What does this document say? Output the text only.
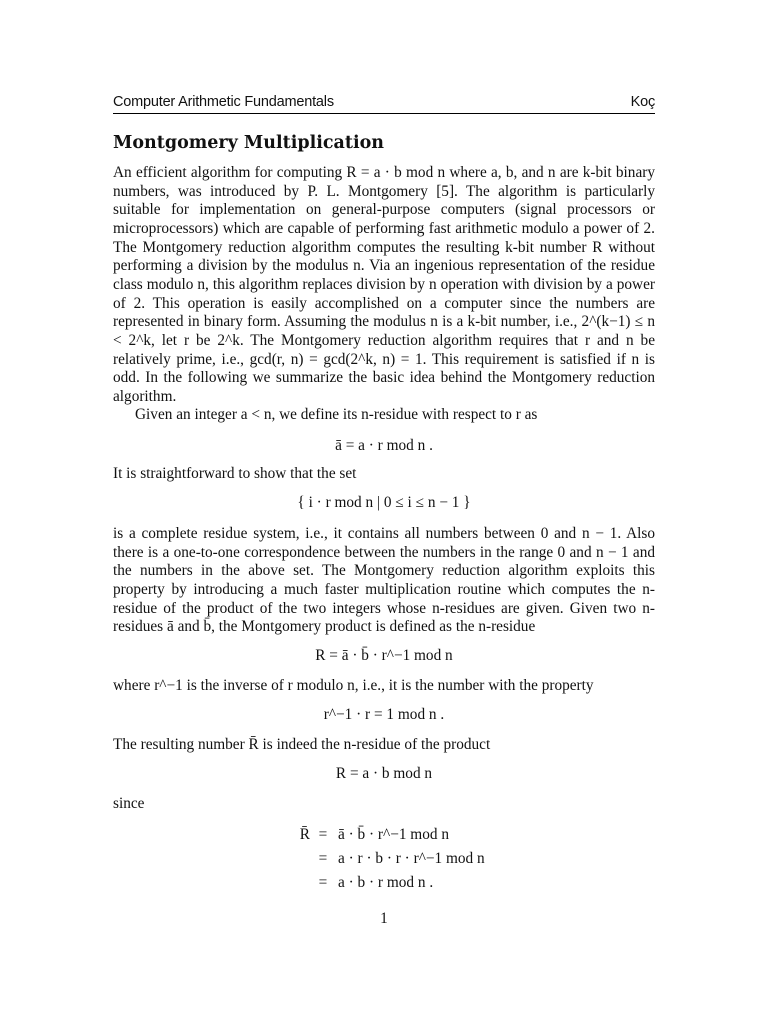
Computer Arithmetic Fundamentals	Koç
Montgomery Multiplication

An efficient algorithm for computing R = a · b mod n where a, b, and n are k-bit binary numbers, was introduced by P. L. Montgomery [5]. The algorithm is particularly suitable for implementation on general-purpose computers (signal processors or microprocessors) which are capable of performing fast arithmetic modulo a power of 2. The Montgomery reduction algorithm computes the resulting k-bit number R without performing a division by the modulus n. Via an ingenious representation of the residue class modulo n, this algorithm replaces division by n operation with division by a power of 2. This operation is easily accomplished on a computer since the numbers are represented in binary form. Assuming the modulus n is a k-bit number, i.e., 2^(k−1) ≤ n < 2^k, let r be 2^k. The Montgomery reduction algorithm requires that r and n be relatively prime, i.e., gcd(r, n) = gcd(2^k, n) = 1. This requirement is satisfied if n is odd. In the following we summarize the basic idea behind the Montgomery reduction algorithm.

Given an integer a < n, we define its n-residue with respect to r as

ā = a · r mod n .

It is straightforward to show that the set

{ i · r mod n | 0 ≤ i ≤ n − 1 }

is a complete residue system, i.e., it contains all numbers between 0 and n − 1. Also there is a one-to-one correspondence between the numbers in the range 0 and n − 1 and the numbers in the above set. The Montgomery reduction algorithm exploits this property by introducing a much faster multiplication routine which computes the n-residue of the product of the two integers whose n-residues are given. Given two n-residues ā and b̄, the Montgomery product is defined as the n-residue

R = ā · b̄ · r^−1 mod n

where r^−1 is the inverse of r modulo n, i.e., it is the number with the property

r^−1 · r = 1 mod n .

The resulting number R̄ is indeed the n-residue of the product

R = a · b mod n

since

R̄ = ā · b̄ · r^−1 mod n
= a · r · b · r · r^−1 mod n
= a · b · r mod n .
1
